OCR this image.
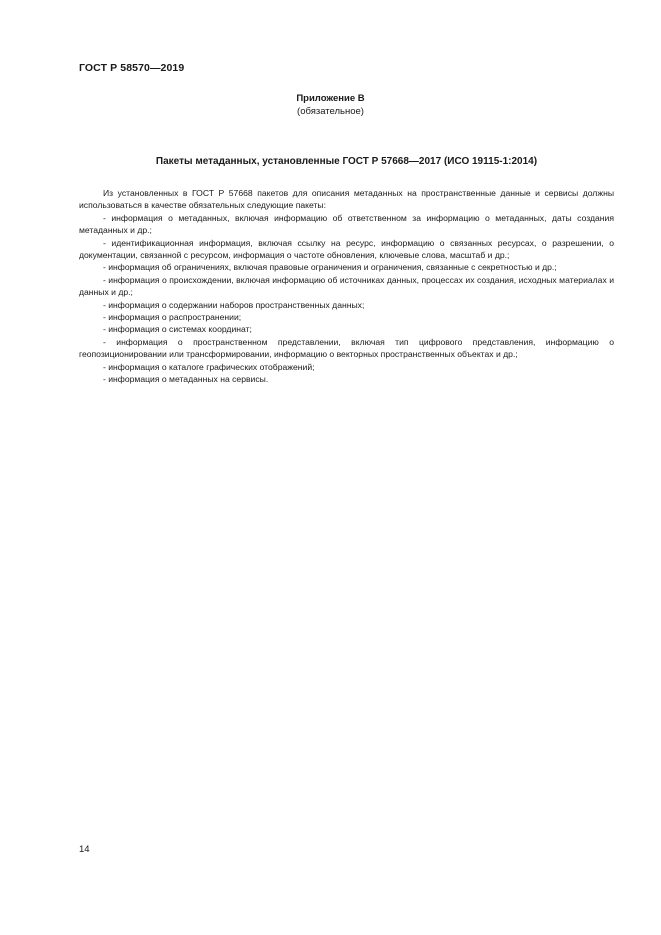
ГОСТ Р 58570—2019
Приложение В
(обязательное)
Пакеты метаданных, установленные ГОСТ Р 57668—2017 (ИСО 19115-1:2014)

Из установленных в ГОСТ Р 57668 пакетов для описания метаданных на пространственные данные и сервисы должны использоваться в качестве обязательных следующие пакеты:

- информация о метаданных, включая информацию об ответственном за информацию о метаданных, даты создания метаданных и др.;

- идентификационная информация, включая ссылку на ресурс, информацию о связанных ресурсах, о разрешении, о документации, связанной с ресурсом, информация о частоте обновления, ключевые слова, масштаб и др.;

- информация об ограничениях, включая правовые ограничения и ограничения, связанные с секретностью и др.;

- информация о происхождении, включая информацию об источниках данных, процессах их создания, исходных материалах и данных и др.;

- информация о содержании наборов пространственных данных;

- информация о распространении;

- информация о системах координат;

- информация о пространственном представлении, включая тип цифрового представления, информацию о геопозиционировании или трансформировании, информацию о векторных пространственных объектах и др.;

- информация о каталоге графических отображений;

- информация о метаданных на сервисы.

14
